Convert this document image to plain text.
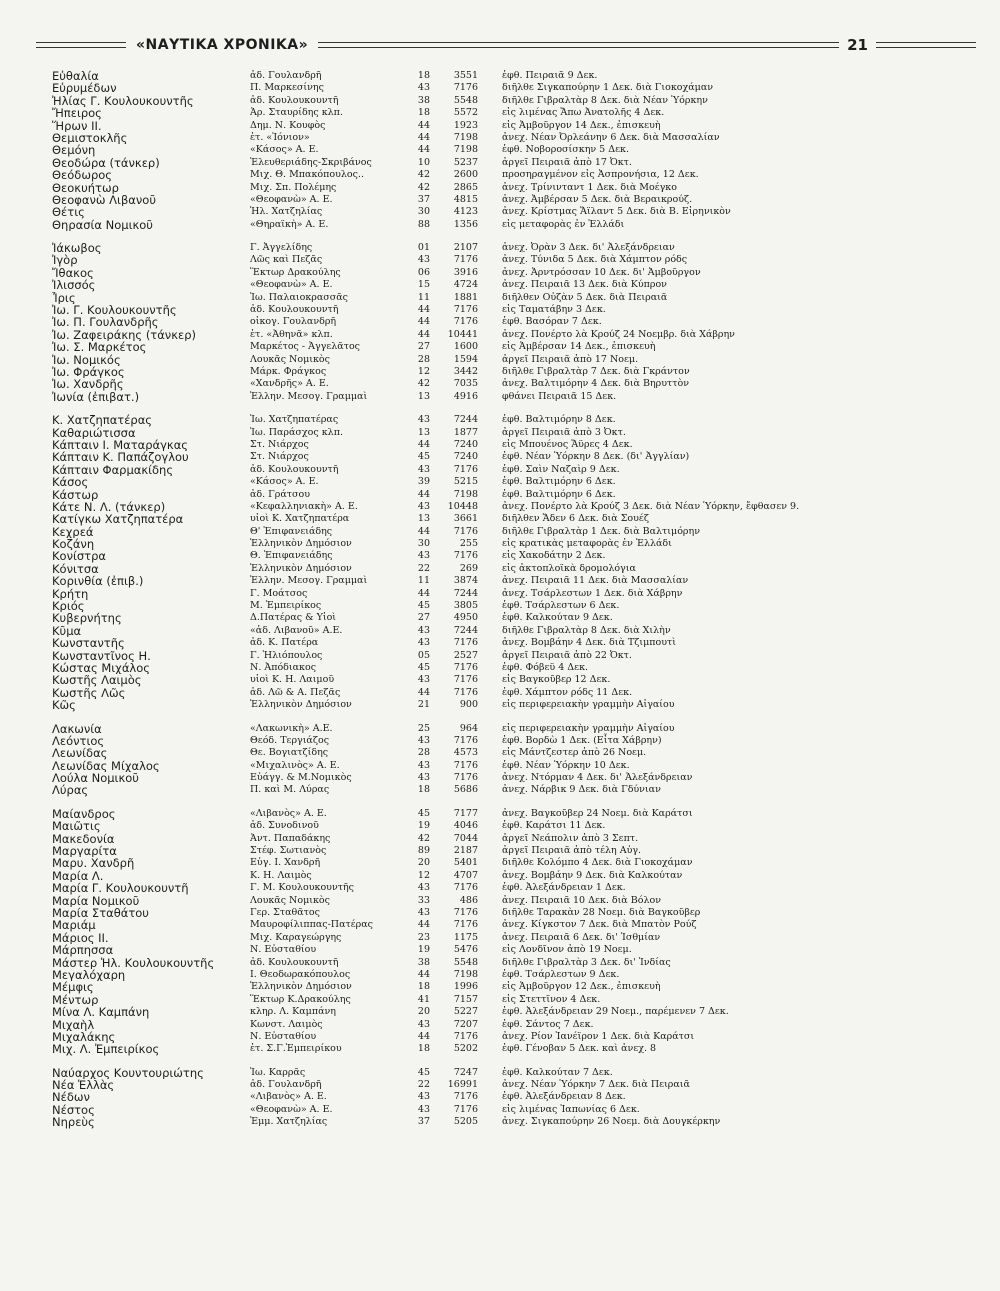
«ΝΑΥΤΙΚΑ ΧΡΟΝΙΚΑ»	21
Εὐθαλία	ἀδ. Γουλανδρῆ	18	3551	ἐφθ. Πειραιᾶ 9 Δεκ.
Εὐρυμέδων	Π. Μαρκεσίνης	43	7176	διῆλθε Σιγκαπούρην 1 Δεκ. διὰ Γιοκοχάμαν
Ἠλίας Γ. Κουλουκουντῆς	ἀδ. Κουλουκουντῆ	38	5548	διῆλθε Γιβραλτὰρ 8 Δεκ. διὰ Νέαν Ὑόρκην
Ἤπειρος	Ἀρ. Σταυρίδης κλπ.	18	5572	εἰς λιμένας Ἄπω Ἀνατολῆς 4 Δεκ.
Ἥρων ΙΙ.	Δημ. Ν. Κουφὸς	44	1923	εἰς Ἀμβοῦργον 14 Δεκ., ἐπισκευὴ
Θεμιστοκλῆς	ἑτ. «Ἰόνιον»	44	7198	ἀνεχ. Νέαν Ὀρλεάνην 6 Δεκ. διὰ Μασσαλίαν
Θεμόνη	«Κάσος» Α. Ε.	44	7198	ἐφθ. Νοβοροσίσκην 5 Δεκ.
Θεοδώρα (τάνκερ)	Ἐλευθεριάδης-Σκριβάνος	10	5237	ἀργεῖ Πειραιᾶ ἀπὸ 17 Ὀκτ.
Θεόδωρος	Μιχ. Θ. Μπακόπουλος..	42	2600	προσηραγμένον εἰς Ἀσπρονήσια, 12 Δεκ.
Θεοκυήτωρ	Μιχ. Σπ. Πολέμης	42	2865	ἀνεχ. Τρίνινταντ 1 Δεκ. διὰ Μοέγκο
Θεοφανὼ Λιβανοῦ	«Θεοφανὼ» Α. Ε.	37	4815	ἀνεχ. Ἀμβέρσαν 5 Δεκ. διὰ Βεραικρούζ.
Θέτις	Ἡλ. Χατζηλίας	30	4123	ἀνεχ. Κρίστμας Ἄϊλαντ 5 Δεκ. διὰ Β. Εἰρηνικὸν
Θηρασία Νομικοῦ	«Θηραϊκὴ» Α. Ε.	88	1356	εἰς μεταφορὰς ἐν Ἑλλάδι
Ἰάκωβος	Γ. Ἀγγελίδης	01	2107	ἀνεχ. Ὀρὰν 3 Δεκ. δι' Ἀλεξάνδρειαν
Ἰγὸρ	Λῶς καὶ Πεζᾶς	43	7176	ἀνεχ. Τύνιδα 5 Δεκ. διὰ Χάμπτον ρόδς
Ἴθακος	Ἕκτωρ Δρακούλης	06	3916	ἀνεχ. Ἀρντρόσσαν 10 Δεκ. δι' Ἀμβοῦργον
Ἰλισσός	«Θεοφανὼ» Α. Ε.	15	4724	ἀνεχ. Πειραιᾶ 13 Δεκ. διὰ Κύπρον
Ἶρις	Ἰω. Παλαιοκρασσᾶς	11	1881	διῆλθεν Οὐζὰν 5 Δεκ. διὰ Πειραιᾶ
Ἰω. Γ. Κουλουκουντῆς	ἀδ. Κουλουκουντῆ	44	7176	εἰς Ταματάβην 3 Δεκ.
Ἰω. Π. Γουλανδρῆς	οἰκογ. Γουλανδρῆ	44	7176	ἐφθ. Βασόραν 7 Δεκ.
Ἰω. Ζαφειράκης (τάνκερ)	ἑτ. «Ἀθηνᾶ» κλπ.	44	10441	ἀνεχ. Πονέρτο λὰ Κρούζ 24 Νοεμβρ. διὰ Χάβρην
Ἰω. Σ. Μαρκέτος	Μαρκέτος - Ἀγγελᾶτος	27	1600	εἰς Ἀμβέρσαν 14 Δεκ., ἐπισκευὴ
Ἰω. Νομικός	Λουκᾶς Νομικὸς	28	1594	ἀργεῖ Πειραιᾶ ἀπὸ 17 Νοεμ.
Ἰω. Φράγκος	Μάρκ. Φράγκος	12	3442	διῆλθε Γιβραλτὰρ 7 Δεκ. διὰ Γκράντον
Ἰω. Χανδρῆς	«Χανδρῆς» Α. Ε.	42	7035	ἀνεχ. Βαλτιμόρην 4 Δεκ. διὰ Βηρυττὸν
Ἰωνία (ἐπιβατ.)	Ἑλλην. Μεσογ. Γραμμαὶ	13	4916	φθάνει Πειραιᾶ 15 Δεκ.
Κ. Χατζηπατέρας	Ἰω. Χατζηπατέρας	43	7244	ἐφθ. Βαλτιμόρην 8 Δεκ.
Καθαριώτισσα	Ἰω. Παράσχος κλπ.	13	1877	ἀργεῖ Πειραιᾶ ἀπὸ 3 Ὀκτ.
Κάπταιν Ι. Ματαράγκας	Στ. Νιάρχος	44	7240	εἰς Μπουένος Ἄϋρες 4 Δεκ.
Κάπταιν Κ. Παπάζογλου	Στ. Νιάρχος	45	7240	ἐφθ. Νέαν Ὑόρκην 8 Δεκ. (δι' Ἀγγλίαν)
Κάπταιν Φαρμακίδης	ἀδ. Κουλουκουντῆ	43	7176	ἐφθ. Σαὶν Ναζαὶρ 9 Δεκ.
Κάσος	«Κάσος» Α. Ε.	39	5215	ἐφθ. Βαλτιμόρην 6 Δεκ.
Κάστωρ	ἀδ. Γράτσου	44	7198	ἐφθ. Βαλτιμόρην 6 Δεκ.
Κάτε Ν. Λ. (τάνκερ)	«Κεφαλληνιακὴ» Α. Ε.	43	10448	ἀνεχ. Πονέρτο λὰ Κρούζ 3 Δεκ. διὰ Νέαν Ὑόρκην, ἔφθασεν 9.
Κατίγκω Χατζηπατέρα	υἱοὶ Κ. Χατζηπατέρα	13	3661	διῆλθεν Ἄδεν 6 Δεκ. διὰ Σουέζ
Κεχρεά	Θ' Ἐπιφανειάδης	44	7176	διῆλθε Γιβραλτὰρ 1 Δεκ. διὰ Βαλτιμόρην
Κοζάνη	Ἑλληνικὸν Δημόσιον	30	255	εἰς κρατικὰς μεταφορὰς ἐν Ἑλλάδι
Κονίστρα	Θ. Ἐπιφανειάδης	43	7176	εἰς Χακοδάτην 2 Δεκ.
Κόνιτσα	Ἑλληνικὸν Δημόσιον	22	269	εἰς ἀκτοπλοϊκὰ δρομολόγια
Κορινθία (ἐπιβ.)	Ἑλλην. Μεσογ. Γραμμαὶ	11	3874	ἀνεχ. Πειραιᾶ 11 Δεκ. διὰ Μασσαλίαν
Κρήτη	Γ. Μοάτσος	44	7244	ἀνεχ. Τσάρλεστων 1 Δεκ. διὰ Χάβρην
Κριός	Μ. Ἐμπειρίκος	45	3805	ἐφθ. Τσάρλεστων 6 Δεκ.
Κυβερνήτης	Δ.Πατέρας & Υἱοὶ	27	4950	ἐφθ. Καλκούταν 9 Δεκ.
Κῦμα	«ἀδ. Λιβανοῦ» Α.Ε.	43	7244	διῆλθε Γιβραλτὰρ 8 Δεκ. διὰ Χιλὴν
Κωνσταντῆς	ἀδ. Κ. Πατέρα	43	7176	ἀνεχ. Βομβάην 4 Δεκ. διὰ Τζιμπουτὶ
Κωνσταντῖνος Η.	Γ. Ἠλιόπουλος	05	2527	ἀργεῖ Πειραιᾶ ἀπὸ 22 Ὀκτ.
Κώστας Μιχάλος	Ν. Ἀπόδιακος	45	7176	ἐφθ. Φόβεϋ 4 Δεκ.
Κωστῆς Λαιμὸς	υἱοὶ Κ. Η. Λαιμοῦ	43	7176	εἰς Βαγκοῦβερ 12 Δεκ.
Κωστῆς Λῶς	ἀδ. Λῶ & Α. Πεζᾶς	44	7176	ἐφθ. Χάμπτον ρόδς 11 Δεκ.
Κῶς	Ἑλληνικὸν Δημόσιον	21	900	εἰς περιφερειακὴν γραμμὴν Αἰγαίου
Λακωνία	«Λακωνικὴ» Α.Ε.	25	964	εἰς περιφερειακὴν γραμμὴν Αἰγαίου
Λεόντιος	Θεόδ. Τεργιάζος	43	7176	ἐφθ. Βορδὼ 1 Δεκ. (Εἶτα Χάβρην)
Λεωνίδας	Θε. Βογιατζίδης	28	4573	εἰς Μάντζεστερ ἀπὸ 26 Νοεμ.
Λεωνίδας Μίχαλος	«Μιχαλινὸς» Α. Ε.	43	7176	ἐφθ. Νέαν Ὑόρκην 10 Δεκ.
Λούλα Νομικοῦ	Εὐάγγ. & Μ.Νομικὸς	43	7176	ἀνεχ. Ντόρμαν 4 Δεκ. δι' Ἀλεξάνδρειαν
Λύρας	Π. καὶ Μ. Λύρας	18	5686	ἀνεχ. Νάρβικ 9 Δεκ. διὰ Γδύνιαν
Μαίανδρος	«Λιβανὸς» Α. Ε.	45	7177	ἀνεχ. Βαγκοῦβερ 24 Νοεμ. διὰ Καράτσι
Μαιῶτις	ἀδ. Συνοδινοῦ	19	4046	ἐφθ. Καράτσι 11 Δεκ.
Μακεδονία	Ἀντ. Παπαδάκης	42	7044	ἀργεῖ Νεάπολιν ἀπὸ 3 Σεπτ.
Μαργαρίτα	Στέφ. Σωτιανὸς	89	2187	ἀργεῖ Πειραιᾶ ἀπὸ τέλη Αὐγ.
Μαρυ. Χανδρῆ	Εὐγ. Ι. Χανδρῆ	20	5401	διῆλθε Κολόμπο 4 Δεκ. διὰ Γιοκοχάμαν
Μαρία Λ.	Κ. Η. Λαιμὸς	12	4707	ἀνεχ. Βομβάην 9 Δεκ. διὰ Καλκούταν
Μαρία Γ. Κουλουκουντῆ	Γ. Μ. Κουλουκουντῆς	43	7176	ἐφθ. Ἀλεξάνδρειαν 1 Δεκ.
Μαρία Νομικοῦ	Λουκᾶς Νομικὸς	33	486	ἀνεχ. Πειραιᾶ 10 Δεκ. διὰ Βόλον
Μαρία Σταθάτου	Γερ. Σταθᾶτος	43	7176	διῆλθε Ταρακὰν 28 Νοεμ. διὰ Βαγκοῦβερ
Μαριάμ	Μαυροφίλιππας-Πατέρας	44	7176	ἀνεχ. Κίγκστον 7 Δεκ. διὰ Μπατὸν Ρούζ
Μάριος ΙΙ.	Μιχ. Καραγεώργης	23	1175	ἀνεχ. Πειραιᾶ 6 Δεκ. δι' Ἰσθμίαν
Μάρπησσα	Ν. Εὐσταθίου	19	5476	εἰς Λονδῖνον ἀπὸ 19 Νοεμ.
Μάστερ Ἡλ. Κουλουκουντῆς	ἀδ. Κουλουκουντῆ	38	5548	διῆλθε Γιβραλτὰρ 3 Δεκ. δι' Ἰνδίας
Μεγαλόχαρη	Ι. Θεοδωρακόπουλος	44	7198	ἐφθ. Τσάρλεστων 9 Δεκ.
Μέμφις	Ἑλληνικὸν Δημόσιον	18	1996	εἰς Ἀμβοῦργον 12 Δεκ., ἐπισκευὴ
Μέντωρ	Ἕκτωρ Κ.Δρακούλης	41	7157	εἰς Στεττῖνον 4 Δεκ.
Μίνα Λ. Καμπάνη	κληρ. Λ. Καμπάνη	20	5227	ἐφθ. Ἀλεξάνδρειαν 29 Νοεμ., παρέμενεν 7 Δεκ.
Μιχαὴλ	Κωνστ. Λαιμὸς	43	7207	ἐφθ. Σάντος 7 Δεκ.
Μιχαλάκης	Ν. Εὐσταθίου	44	7176	ἀνεχ. Ρίον Ἰανέϊρον 1 Δεκ. διὰ Καράτσι
Μιχ. Λ. Ἐμπειρίκος	ἑτ. Σ.Γ.Ἐμπειρίκου	18	5202	ἐφθ. Γένοβαν 5 Δεκ. καὶ ἀνεχ. 8
Ναύαρχος Κουντουριώτης	Ἰω. Καρρᾶς	45	7247	ἐφθ. Καλκούταν 7 Δεκ.
Νέα Ἑλλὰς	ἀδ. Γουλανδρῆ	22	16991	ἀνεχ. Νέαν Ὑόρκην 7 Δεκ. διὰ Πειραιᾶ
Νέδων	«Λιβανὸς» Α. Ε.	43	7176	ἐφθ. Ἀλεξάνδρειαν 8 Δεκ.
Νέστος	«Θεοφανὼ» Α. Ε.	43	7176	εἰς λιμένας Ἰαπωνίας 6 Δεκ.
Νηρεὺς	Ἐμμ. Χατζηλίας	37	5205	ἀνεχ. Σιγκαπούρην 26 Νοεμ. διὰ Δουγκέρκην
